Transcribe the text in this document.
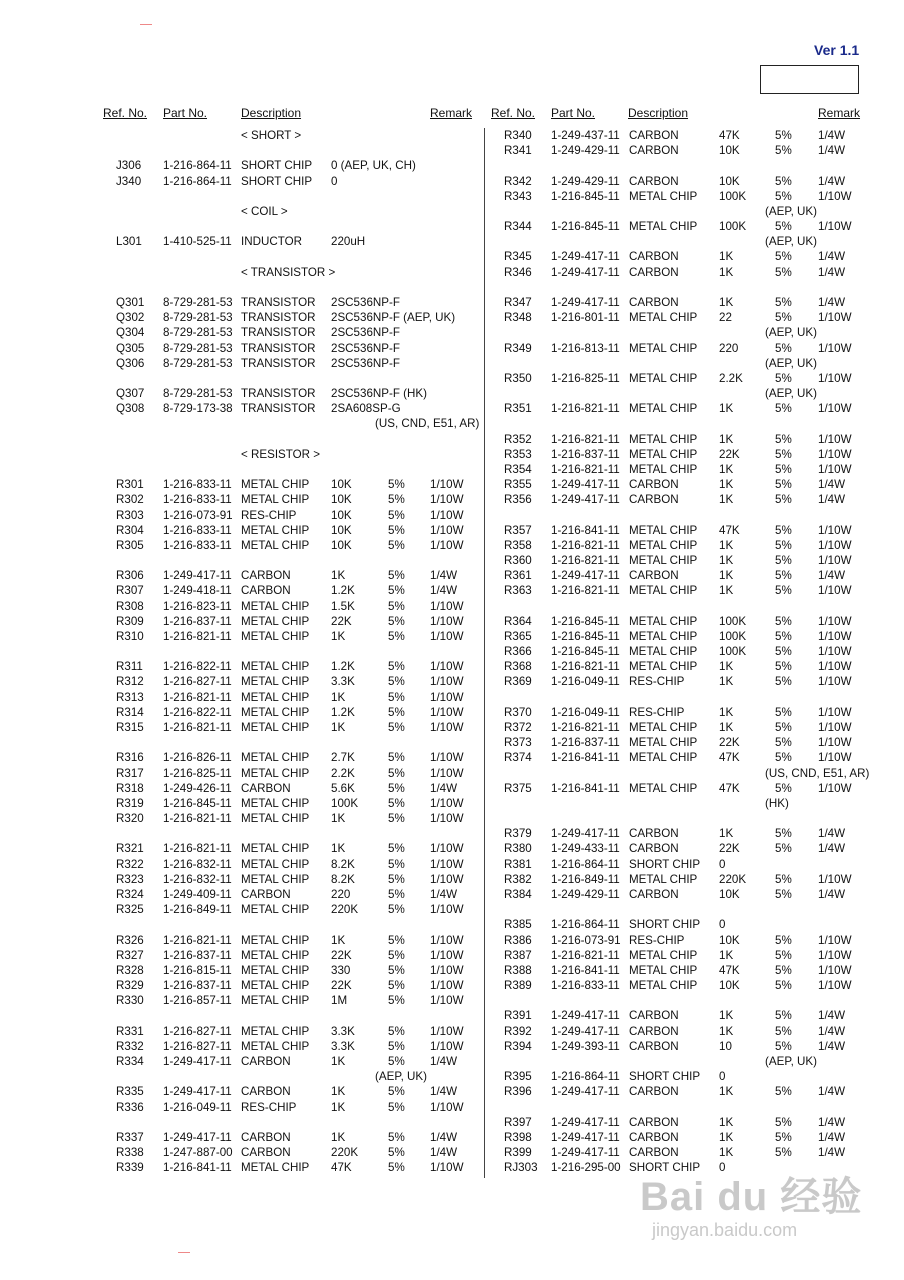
Ver 1.1
Ref. No. Part No.	Description	Remark Ref. No. Part No.	Description	Remark
< SHORT >
J306 1-216-864-11 SHORT CHIP 0 (AEP, UK, CH)
J340 1-216-864-11 SHORT CHIP 0
< COIL >
L301 1-410-525-11 INDUCTOR	220uH
< TRANSISTOR >
Q301 8-729-281-53 TRANSISTOR 2SC536NP-F
Q302 8-729-281-53 TRANSISTOR 2SC536NP-F (AEP, UK)
Q304 8-729-281-53 TRANSISTOR 2SC536NP-F
Q305 8-729-281-53 TRANSISTOR 2SC536NP-F
Q306 8-729-281-53 TRANSISTOR 2SC536NP-F
Q307 8-729-281-53 TRANSISTOR 2SC536NP-F (HK)
Q308 8-729-173-38 TRANSISTOR 2SA608SP-G
(US, CND, E51, AR)
< RESISTOR >
R301 1-216-833-11 METAL CHIP 10K	5% 1/10W
R302 1-216-833-11 METAL CHIP 10K	5% 1/10W
R303 1-216-073-91 RES-CHIP	10K	5% 1/10W
R304 1-216-833-11 METAL CHIP 10K	5% 1/10W
R305 1-216-833-11 METAL CHIP 10K	5% 1/10W
R306 1-249-417-11 CARBON	1K	5% 1/4W
R307 1-249-418-11 CARBON	1.2K	5% 1/4W
R308 1-216-823-11 METAL CHIP 1.5K	5% 1/10W
R309 1-216-837-11 METAL CHIP 22K	5% 1/10W
R310 1-216-821-11 METAL CHIP 1K	5% 1/10W
R311 1-216-822-11 METAL CHIP 1.2K	5% 1/10W
R312 1-216-827-11 METAL CHIP 3.3K	5% 1/10W
R313 1-216-821-11 METAL CHIP 1K	5% 1/10W
R314 1-216-822-11 METAL CHIP 1.2K	5% 1/10W
R315 1-216-821-11 METAL CHIP 1K	5% 1/10W
R316 1-216-826-11 METAL CHIP 2.7K	5% 1/10W
R317 1-216-825-11 METAL CHIP 2.2K	5% 1/10W
R318 1-249-426-11 CARBON	5.6K	5% 1/4W
R319 1-216-845-11 METAL CHIP 100K	5% 1/10W
R320 1-216-821-11 METAL CHIP 1K	5% 1/10W
R321 1-216-821-11 METAL CHIP 1K	5% 1/10W
R322 1-216-832-11 METAL CHIP 8.2K	5% 1/10W
R323 1-216-832-11 METAL CHIP 8.2K	5% 1/10W
R324 1-249-409-11 CARBON	220	5% 1/4W
R325 1-216-849-11 METAL CHIP 220K	5% 1/10W
R326 1-216-821-11 METAL CHIP 1K	5% 1/10W
R327 1-216-837-11 METAL CHIP 22K	5% 1/10W
R328 1-216-815-11 METAL CHIP 330	5% 1/10W
R329 1-216-837-11 METAL CHIP 22K	5% 1/10W
R330 1-216-857-11 METAL CHIP 1M	5% 1/10W
R331 1-216-827-11 METAL CHIP 3.3K	5% 1/10W
R332 1-216-827-11 METAL CHIP 3.3K	5% 1/10W
R334 1-249-417-11 CARBON	1K	5% 1/4W
(AEP, UK)
R335 1-249-417-11 CARBON	1K	5% 1/4W
R336 1-216-049-11 RES-CHIP	1K	5% 1/10W
R337 1-249-417-11 CARBON	1K	5% 1/4W
R338 1-247-887-00 CARBON	220K	5% 1/4W
R339 1-216-841-11 METAL CHIP 47K	5% 1/10W
R340 1-249-437-11 CARBON	47K	5% 1/4W
R341 1-249-429-11 CARBON	10K	5% 1/4W
R342 1-249-429-11 CARBON	10K	5% 1/4W
R343 1-216-845-11 METAL CHIP 100K 5% 1/10W
(AEP, UK)
R344 1-216-845-11 METAL CHIP 100K 5% 1/10W
(AEP, UK)
R345 1-249-417-11 CARBON	1K	5% 1/4W
R346 1-249-417-11 CARBON	1K	5% 1/4W
R347 1-249-417-11 CARBON	1K	5% 1/4W
R348 1-216-801-11 METAL CHIP 22	5% 1/10W
(AEP, UK)
R349 1-216-813-11 METAL CHIP 220	5% 1/10W
(AEP, UK)
R350 1-216-825-11 METAL CHIP 2.2K	5% 1/10W
(AEP, UK)
R351 1-216-821-11 METAL CHIP 1K	5% 1/10W
R352 1-216-821-11 METAL CHIP 1K	5% 1/10W
R353 1-216-837-11 METAL CHIP 22K	5% 1/10W
R354 1-216-821-11 METAL CHIP 1K	5% 1/10W
R355 1-249-417-11 CARBON	1K	5% 1/4W
R356 1-249-417-11 CARBON	1K	5% 1/4W
R357 1-216-841-11 METAL CHIP 47K	5% 1/10W
R358 1-216-821-11 METAL CHIP 1K	5% 1/10W
R360 1-216-821-11 METAL CHIP 1K	5% 1/10W
R361 1-249-417-11 CARBON	1K	5% 1/4W
R363 1-216-821-11 METAL CHIP 1K	5% 1/10W
R364 1-216-845-11 METAL CHIP 100K 5% 1/10W
R365 1-216-845-11 METAL CHIP 100K 5% 1/10W
R366 1-216-845-11 METAL CHIP 100K 5% 1/10W
R368 1-216-821-11 METAL CHIP 1K	5% 1/10W
R369 1-216-049-11 RES-CHIP	1K	5% 1/10W
R370 1-216-049-11 RES-CHIP	1K	5% 1/10W
R372 1-216-821-11 METAL CHIP 1K	5% 1/10W
R373 1-216-837-11 METAL CHIP 22K	5% 1/10W
R374 1-216-841-11 METAL CHIP 47K	5% 1/10W
(US, CND, E51, AR)
R375 1-216-841-11 METAL CHIP 47K	5% 1/10W
(HK)
R379 1-249-417-11 CARBON	1K	5% 1/4W
R380 1-249-433-11 CARBON	22K	5% 1/4W
R381 1-216-864-11 SHORT CHIP 0
R382 1-216-849-11 METAL CHIP 220K 5% 1/10W
R384 1-249-429-11 CARBON	10K	5% 1/4W
R385 1-216-864-11 SHORT CHIP 0
R386 1-216-073-91 RES-CHIP	10K	5% 1/10W
R387 1-216-821-11 METAL CHIP 1K	5% 1/10W
R388 1-216-841-11 METAL CHIP 47K	5% 1/10W
R389 1-216-833-11 METAL CHIP 10K	5% 1/10W
R391 1-249-417-11 CARBON	1K	5% 1/4W
R392 1-249-417-11 CARBON	1K	5% 1/4W
R394 1-249-393-11 CARBON	10	5% 1/4W
(AEP, UK)
R395 1-216-864-11 SHORT CHIP 0
R396 1-249-417-11 CARBON	1K	5% 1/4W
R397 1-249-417-11 CARBON	1K	5% 1/4W
R398 1-249-417-11 CARBON	1K	5% 1/4W
R399 1-249-417-11 CARBON	1K	5% 1/4W
RJ303 1-216-295-00 SHORT CHIP 0
Bai du 经验
jingyan.baidu.com
